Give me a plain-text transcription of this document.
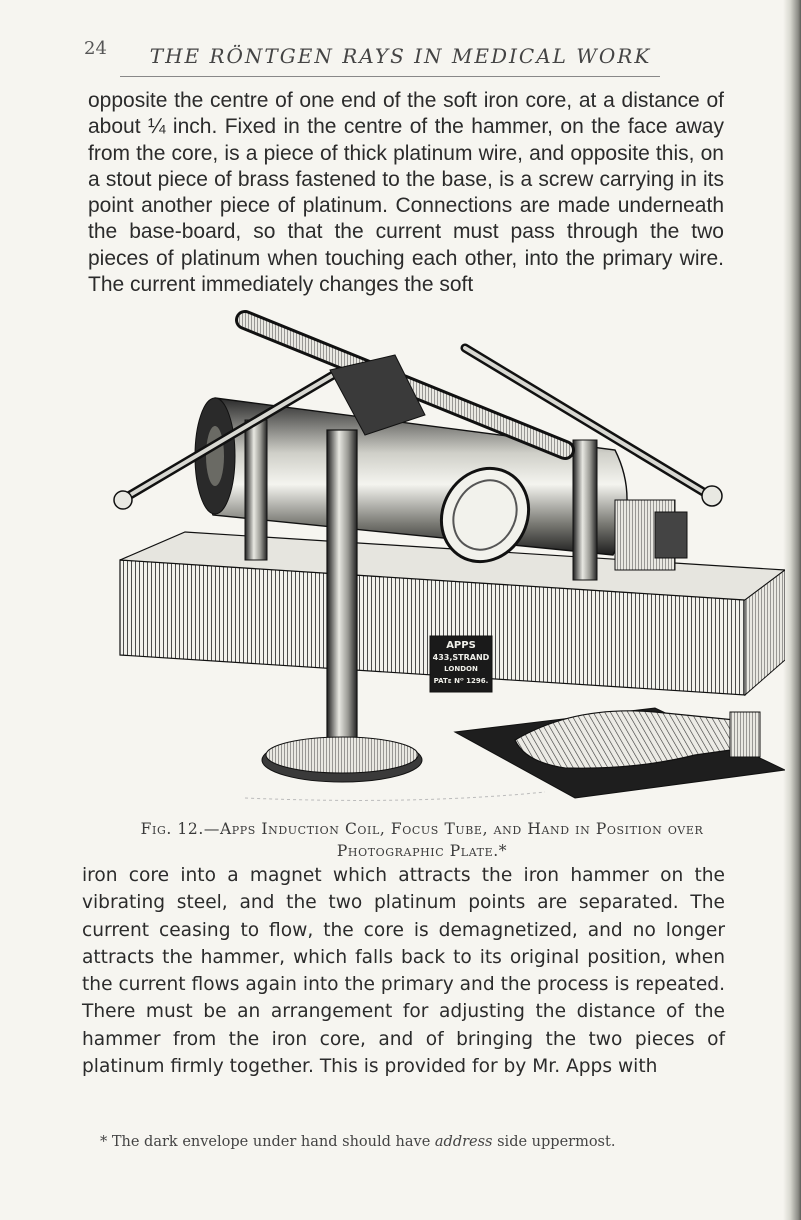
24	THE RÖNTGEN RAYS IN MEDICAL WORK

opposite the centre of one end of the soft iron core, at a distance of about ¼ inch. Fixed in the centre of the hammer, on the face away from the core, is a piece of thick platinum wire, and opposite this, on a stout piece of brass fastened to the base, is a screw carrying in its point another piece of platinum. Connections are made underneath the base-board, so that the current must pass through the two pieces of platinum when touching each other, into the primary wire. The current immediately changes the soft

APPS
433,STRAND
LONDON
PATᴇ Nᴼ 1296.

Fig. 12.—Apps Induction Coil, Focus Tube, and Hand in Position over
Photographic Plate.*

iron core into a magnet which attracts the iron hammer on the vibrating steel, and the two platinum points are separated. The current ceasing to flow, the core is demagnetized, and no longer attracts the hammer, which falls back to its original position, when the current flows again into the primary and the process is repeated. There must be an arrangement for adjusting the distance of the hammer from the iron core, and of bringing the two pieces of platinum firmly together. This is provided for by Mr. Apps with

* The dark envelope under hand should have address side uppermost.
